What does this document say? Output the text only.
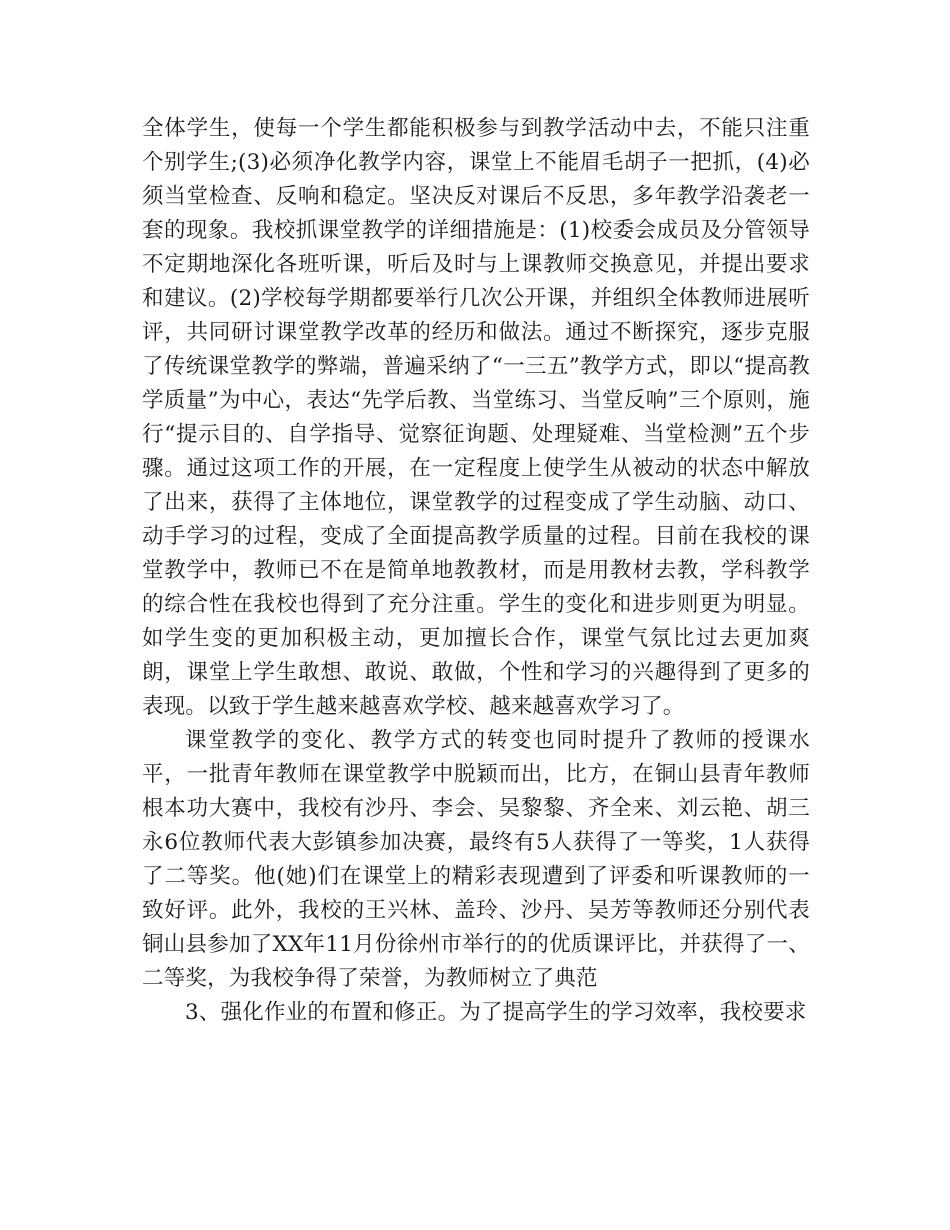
全体学生，使每一个学生都能积极参与到教学活动中去，不能只注重个别学生;(3)必须净化教学内容，课堂上不能眉毛胡子一把抓，(4)必须当堂检查、反响和稳定。坚决反对课后不反思，多年教学沿袭老一套的现象。我校抓课堂教学的详细措施是：(1)校委会成员及分管领导不定期地深化各班听课，听后及时与上课教师交换意见，并提出要求和建议。(2)学校每学期都要举行几次公开课，并组织全体教师进展听评，共同研讨课堂教学改革的经历和做法。通过不断探究，逐步克服了传统课堂教学的弊端，普遍采纳了“一三五”教学方式，即以“提高教学质量”为中心，表达“先学后教、当堂练习、当堂反响”三个原则，施行“提示目的、自学指导、觉察征询题、处理疑难、当堂检测”五个步骤。通过这项工作的开展，在一定程度上使学生从被动的状态中解放了出来，获得了主体地位，课堂教学的过程变成了学生动脑、动口、动手学习的过程，变成了全面提高教学质量的过程。目前在我校的课堂教学中，教师已不在是简单地教教材，而是用教材去教，学科教学的综合性在我校也得到了充分注重。学生的变化和进步则更为明显。如学生变的更加积极主动，更加擅长合作，课堂气氛比过去更加爽朗，课堂上学生敢想、敢说、敢做，个性和学习的兴趣得到了更多的表现。以致于学生越来越喜欢学校、越来越喜欢学习了。

课堂教学的变化、教学方式的转变也同时提升了教师的授课水平，一批青年教师在课堂教学中脱颖而出，比方，在铜山县青年教师根本功大赛中，我校有沙丹、李会、吴黎黎、齐全来、刘云艳、胡三永6位教师代表大彭镇参加决赛，最终有5人获得了一等奖，1人获得了二等奖。他(她)们在课堂上的精彩表现遭到了评委和听课教师的一致好评。此外，我校的王兴林、盖玲、沙丹、吴芳等教师还分别代表铜山县参加了XX年11月份徐州市举行的的优质课评比，并获得了一、二等奖，为我校争得了荣誉，为教师树立了典范

3、强化作业的布置和修正。为了提高学生的学习效率，我校要求
